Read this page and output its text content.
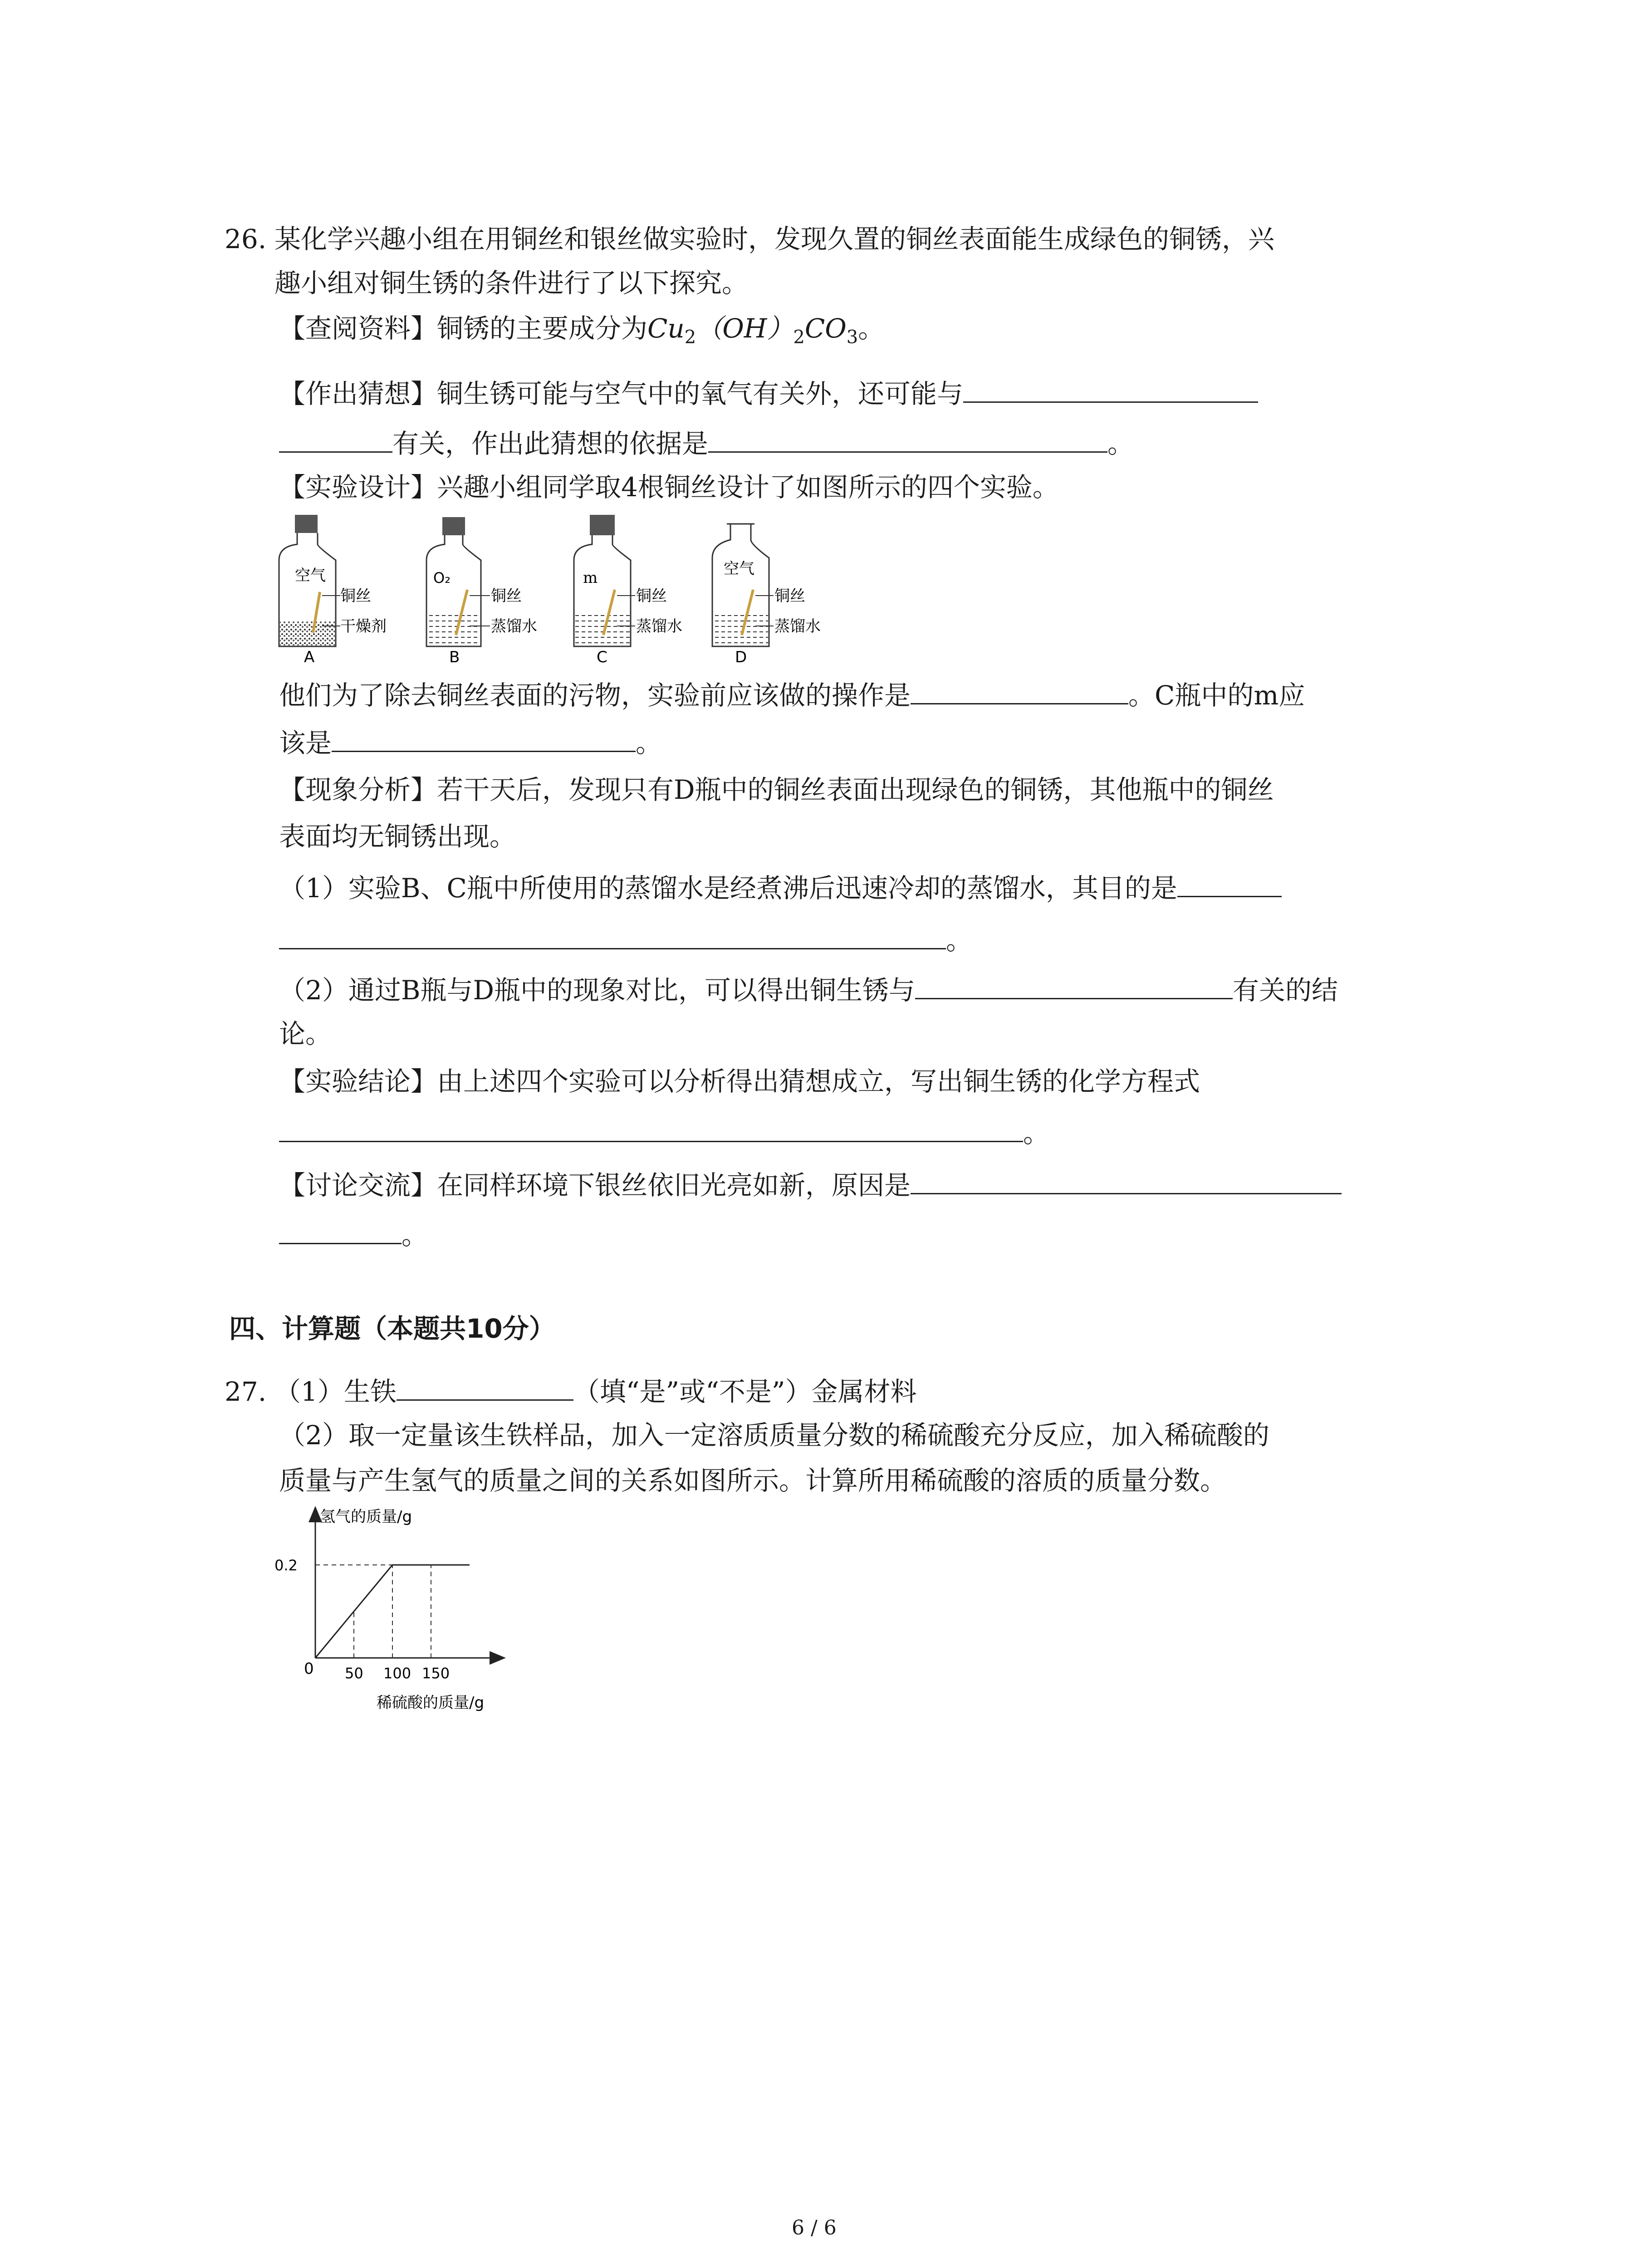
26. 某化学兴趣小组在用铜丝和银丝做实验时，发现久置的铜丝表面能生成绿色的铜锈，兴
趣小组对铜生锈的条件进行了以下探究。
【查阅资料】铜锈的主要成分为$Cu_2(OH)_2CO_3$。
【作出猜想】铜生锈可能与空气中的氧气有关外，还可能与
有关，作出此猜想的依据是	。
【实验设计】兴趣小组同学取4根铜丝设计了如图所示的四个实验。
空气
铜丝
干燥剂
A
O₂
铜丝
蒸馏水
B
m
铜丝
蒸馏水
C
空气
铜丝
蒸馏水
D
他们为了除去铜丝表面的污物，实验前应该做的操作是	。C瓶中的m应
该是	。
【现象分析】若干天后，发现只有D瓶中的铜丝表面出现绿色的铜锈，其他瓶中的铜丝
表面均无铜锈出现。
（1）实验B、C瓶中所使用的蒸馏水是经煮沸后迅速冷却的蒸馏水，其目的是
。
（2）通过B瓶与D瓶中的现象对比，可以得出铜生锈与	有关的结
论。
【实验结论】由上述四个实验可以分析得出猜想成立，写出铜生锈的化学方程式
。
【讨论交流】在同样环境下银丝依旧光亮如新，原因是
。
四、计算题（本题共10分）
27. （1）生铁	（填“是”或“不是”）金属材料
（2）取一定量该生铁样品，加入一定溶质质量分数的稀硫酸充分反应，加入稀硫酸的
质量与产生氢气的质量之间的关系如图所示。计算所用稀硫酸的溶质的质量分数。
氢气的质量/g
稀硫酸的质量/g
0 50 100 150
0.2
6 / 6
